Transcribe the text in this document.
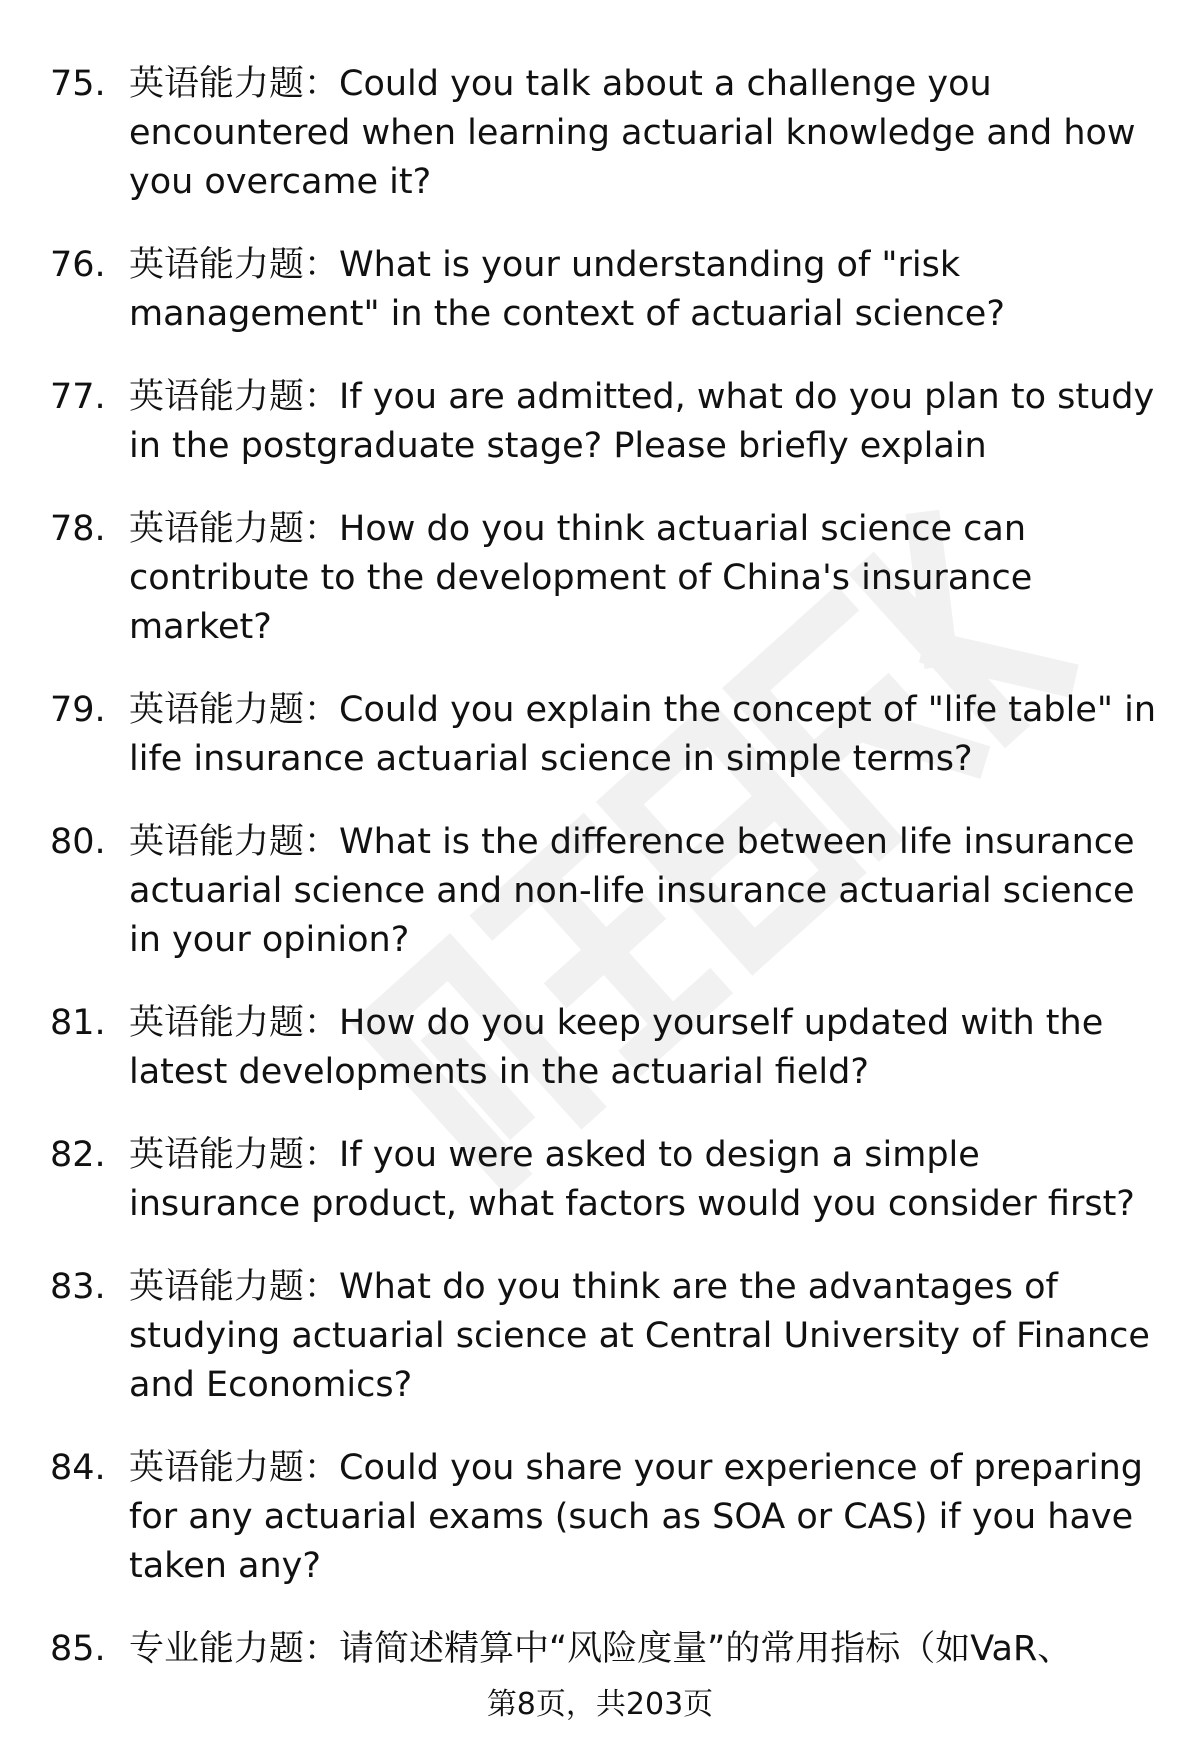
75. 英语能力题：Could you talk about a challenge you encountered when learning actuarial knowledge and how you overcame it?
76. 英语能力题：What is your understanding of "risk management" in the context of actuarial science?
77. 英语能力题：If you are admitted, what do you plan to study in the postgraduate stage? Please briefly explain
78. 英语能力题：How do you think actuarial science can contribute to the development of China's insurance market?
79. 英语能力题：Could you explain the concept of "life table" in life insurance actuarial science in simple terms?
80. 英语能力题：What is the difference between life insurance actuarial science and non-life insurance actuarial science in your opinion?
81. 英语能力题：How do you keep yourself updated with the latest developments in the actuarial field?
82. 英语能力题：If you were asked to design a simple insurance product, what factors would you consider first?
83. 英语能力题：What do you think are the advantages of studying actuarial science at Central University of Finance and Economics?
84. 英语能力题：Could you share your experience of preparing for any actuarial exams (such as SOA or CAS) if you have taken any?
85. 专业能力题：请简述精算中“风险度量”的常用指标（如VaR、
第8页，共203页
